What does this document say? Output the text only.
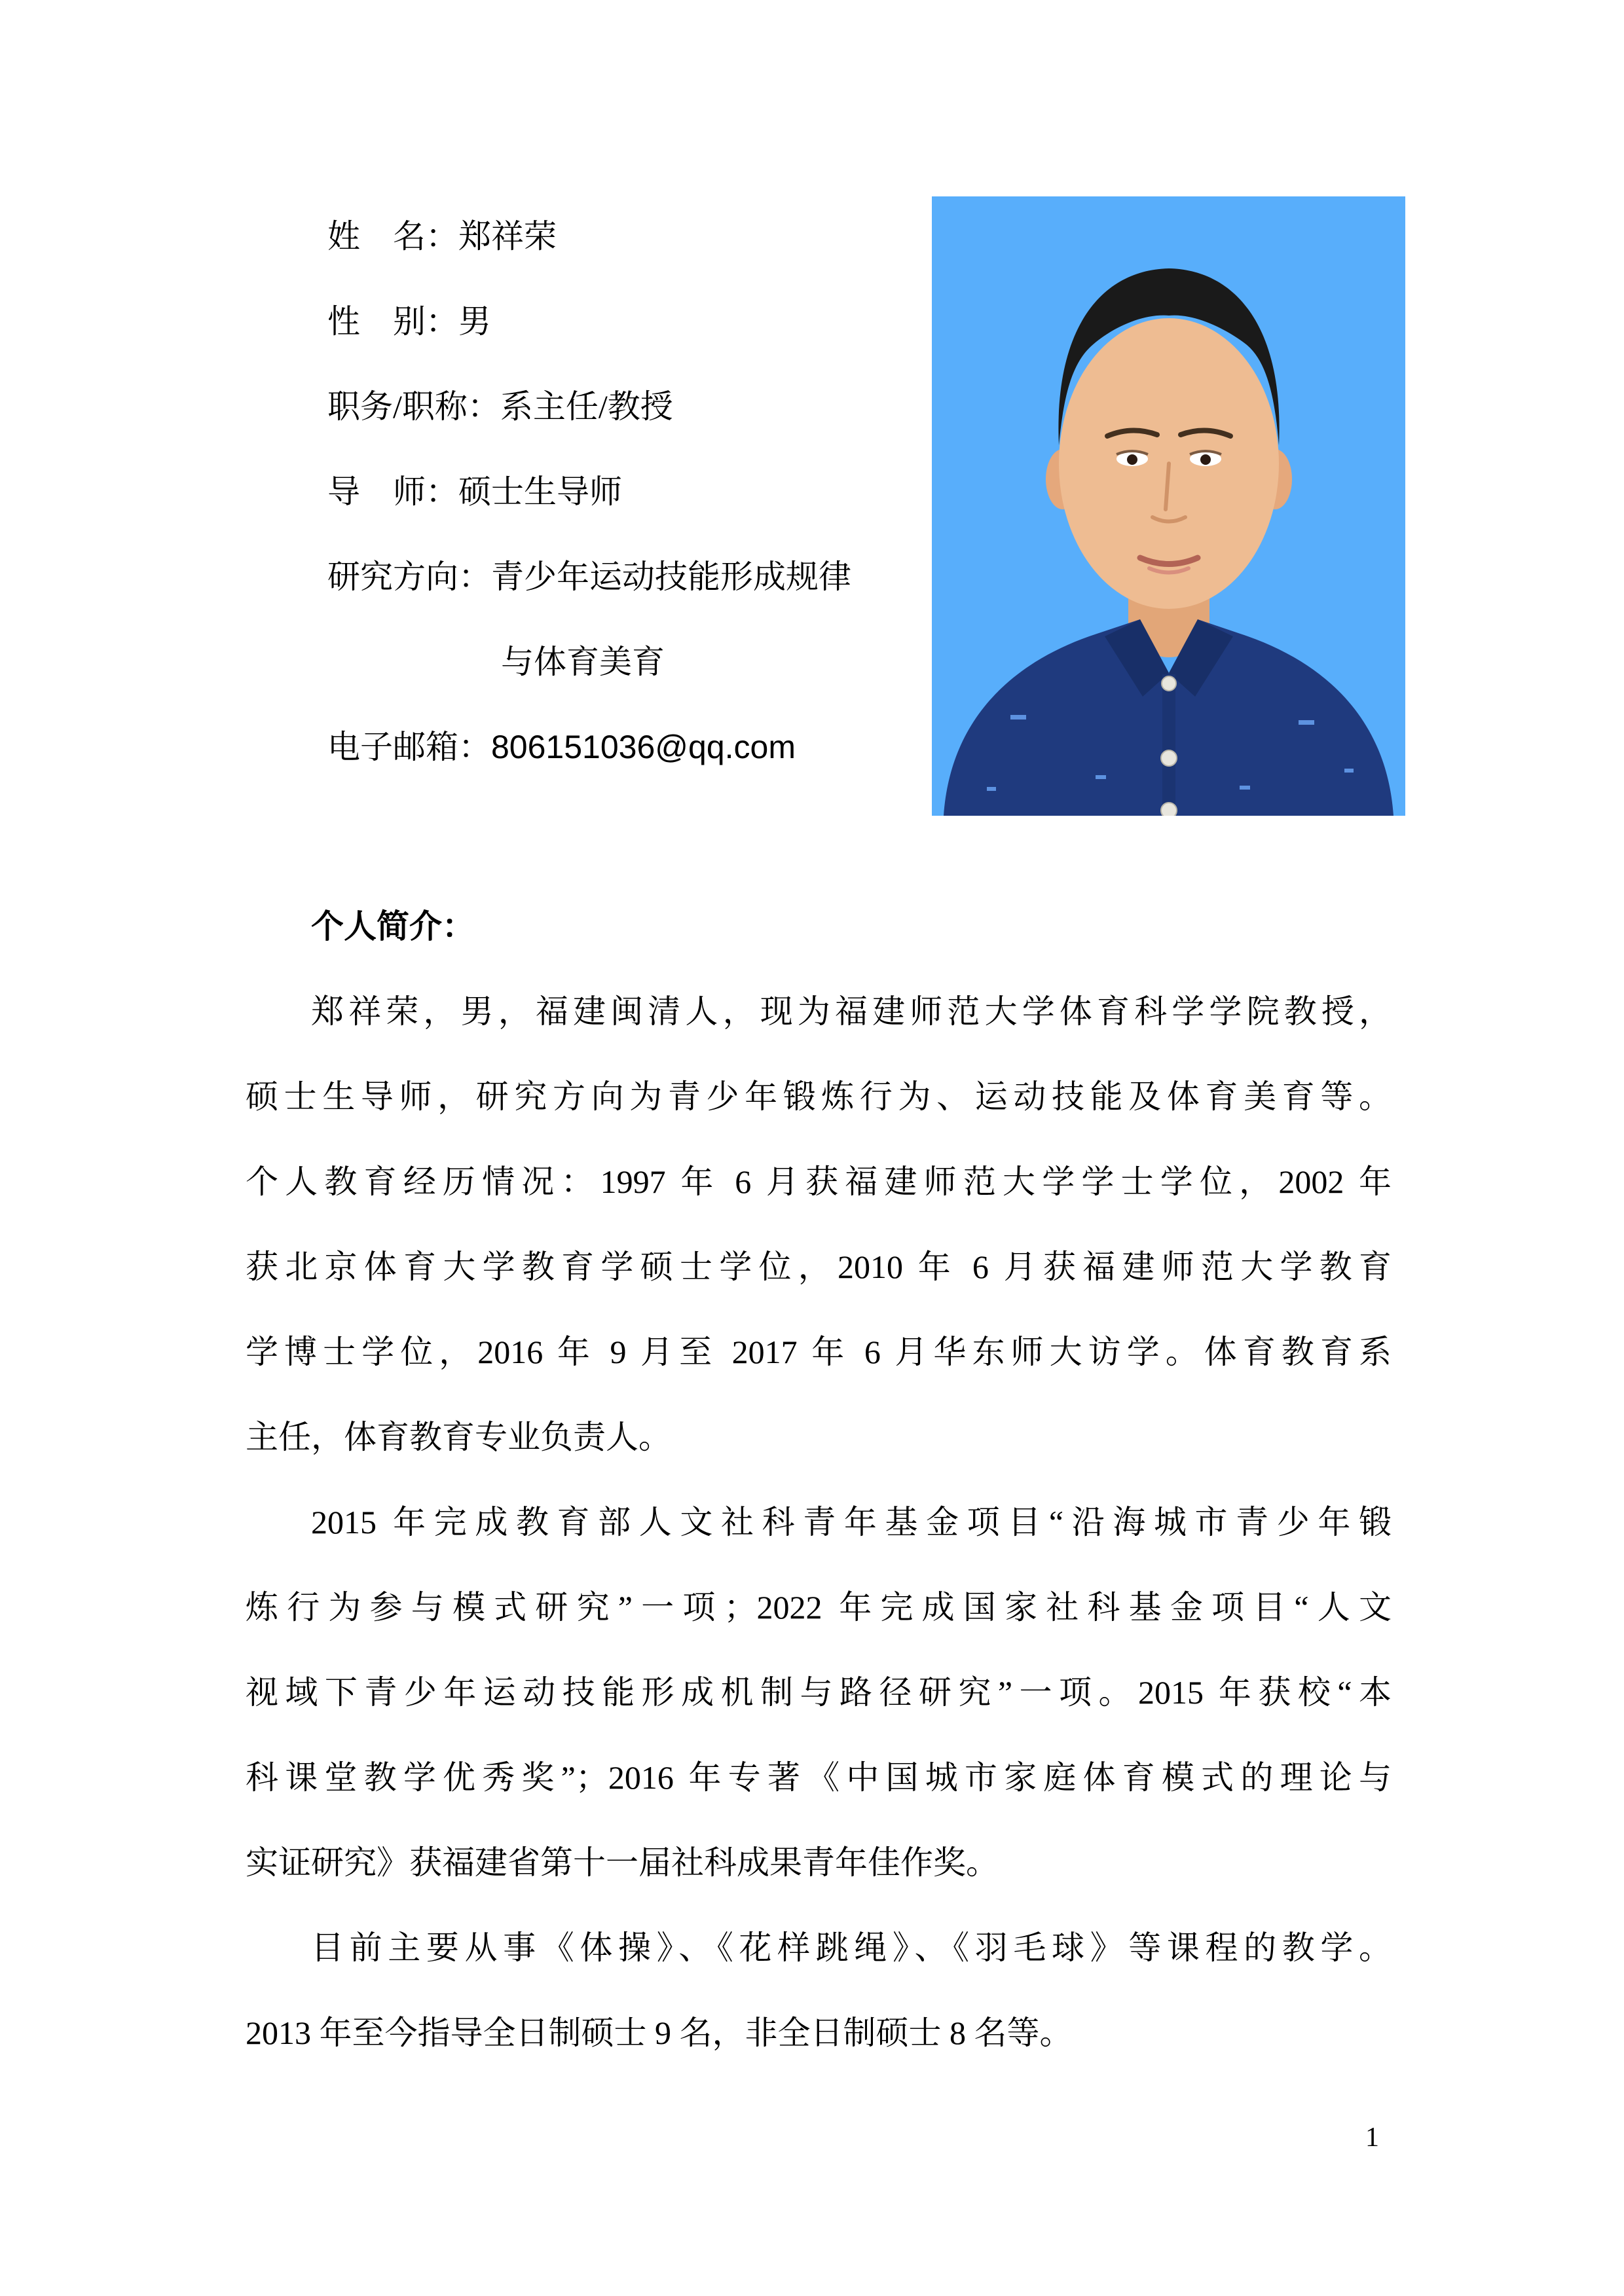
姓　名：郑祥荣
性　别：男
职务/职称：系主任/教授
导　师：硕士生导师
研究方向：青少年运动技能形成规律
与体育美育
电子邮箱：806151036@qq.com
个人简介：
郑祥荣，男，福建闽清人，现为福建师范大学体育科学学院教授，
硕士生导师，研究方向为青少年锻炼行为、运动技能及体育美育等。
个人教育经历情况：1997 年 6 月获福建师范大学学士学位，2002 年
获北京体育大学教育学硕士学位，2010 年 6 月获福建师范大学教育
学博士学位，2016 年 9 月至 2017 年 6 月华东师大访学。体育教育系
主任，体育教育专业负责人。
2015 年完成教育部人文社科青年基金项目“沿海城市青少年锻
炼行为参与模式研究”一项；2022 年完成国家社科基金项目“人文
视域下青少年运动技能形成机制与路径研究”一项。2015 年获校“本
科课堂教学优秀奖”；2016 年专著《中国城市家庭体育模式的理论与
实证研究》获福建省第十一届社科成果青年佳作奖。
目前主要从事《体操》、《花样跳绳》、《羽毛球》等课程的教学。
2013 年至今指导全日制硕士 9 名，非全日制硕士 8 名等。
1
